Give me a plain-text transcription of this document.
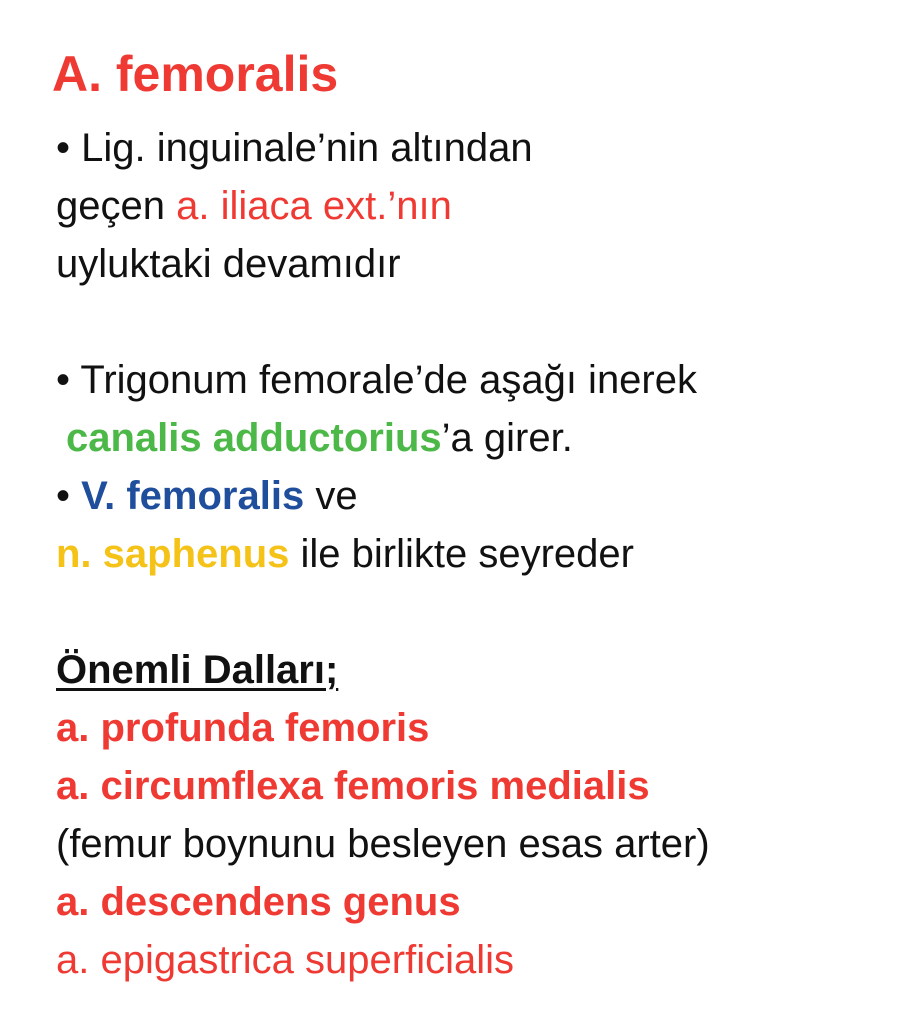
A. femoralis
• Lig. inguinale’nin altından
geçen a. iliaca ext.’nın
uyluktaki devamıdır
• Trigonum femorale’de aşağı inerek
canalis adductorius’a girer.
• V. femoralis ve
n. saphenus ile birlikte seyreder
Önemli Dalları;
a. profunda femoris
a. circumflexa femoris medialis
(femur boynunu besleyen esas arter)
a. descendens genus
a. epigastrica superficialis
